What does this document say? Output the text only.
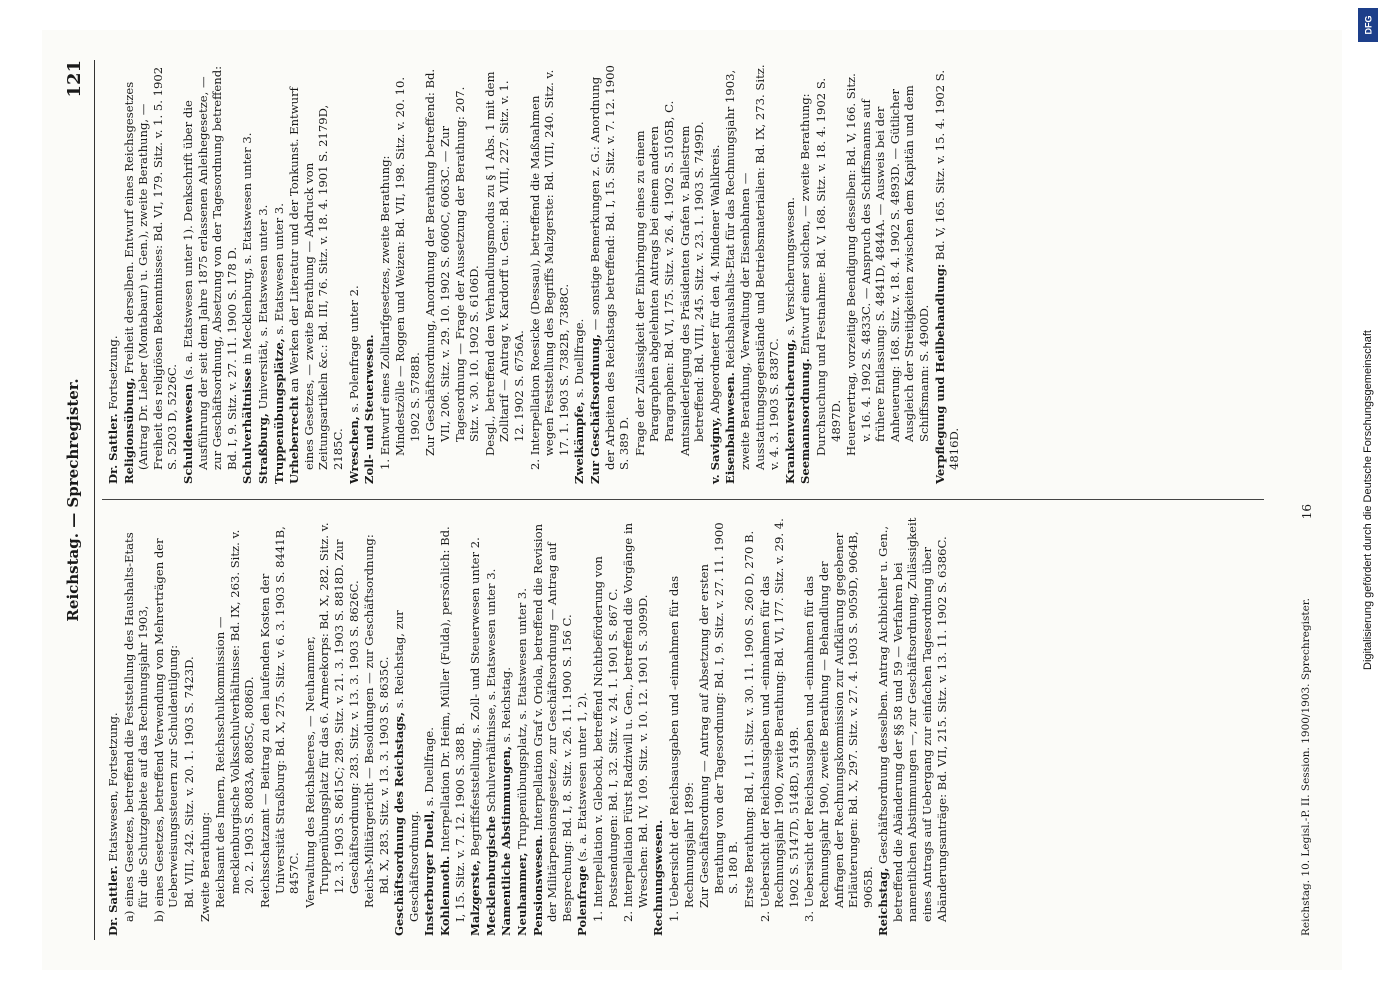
Reichstag. — Sprechregister.
121

Dr. Sattler. Etatswesen, Fortsetzung. a) eines Gesetzes, betreffend die Feststellung des Haushalts-Etats für die Schutzgebiete auf das Rechnungsjahr 1903, b) eines Gesetzes, betreffend Verwendung von Mehrerträgen der Ueberweisungssteuern zur Schuldentilgung: Bd. VIII, 242. Sitz. v. 20. 1. 1903 S. 7423D. Zweite Berathung: Reichsamt des Innern, Reichsschulkommission — mecklenburgische Volksschulverhältnisse: Bd. IX, 263. Sitz. v. 20. 2. 1903 S. 8083A, 8085C, 8086D. Reichsschatzamt — Beitrag zu den laufenden Kosten der Universität Straßburg: Bd. X, 275. Sitz. v. 6. 3. 1903 S. 8441B, 8457C. Verwaltung des Reichsheeres, — Neuhammer, Truppenübungsplatz für das 6. Armeekorps: Bd. X, 282. Sitz. v. 12. 3. 1903 S. 8615C; 289. Sitz. v. 21. 3. 1903 S. 8818D. Zur Geschäftsordnung: 283. Sitz. v. 13. 3. 1903 S. 8626C. Reichs-Militärgericht — Besoldungen — zur Geschäftsordnung: Bd. X, 283. Sitz. v. 13. 3. 1903 S. 8635C. Geschäftsordnung des Reichstags, s. Reichstag, zur Geschäftsordnung. Insterburger Duell, s. Duellfrage.

Kohlennoth. Interpellation Dr. Heim, Müller (Fulda), persönlich: Bd. I, 15. Sitz. v. 7. 12. 1900 S. 388 B. Malzgerste, Begriffsfeststellung, s. Zoll- und Steuerwesen unter 2.

Mecklenburgische Schulverhältnisse, s. Etatswesen unter 3.

Namentliche Abstimmungen, s. Reichstag.

Neuhammer, Truppenübungsplatz, s. Etatswesen unter 3.

Pensionswesen. Interpellation Graf v. Oriola, betreffend die Revision der Militärpensionsgesetze, zur Geschäftsordnung — Antrag auf Besprechung: Bd. I, 8. Sitz. v. 26. 11. 1900 S. 156 C. Polenfrage (s. a. Etatswesen unter 1, 2). 1. Interpellation v. Glebocki, betreffend Nichtbeförderung von Postsendungen: Bd. I, 32. Sitz. v. 24. 1. 1901 S. 867 C. 2. Interpellation Fürst Radziwill u. Gen., betreffend die Vorgänge in Wreschen: Bd. IV, 109. Sitz. v. 10. 12. 1901 S. 3099D. Rechnungswesen. 1. Uebersicht der Reichsausgaben und -einnahmen für das Rechnungsjahr 1899: Zur Geschäftsordnung — Antrag auf Absetzung der ersten Berathung von der Tagesordnung: Bd. I, 9. Sitz. v. 27. 11. 1900 S. 180 B. Erste Berathung: Bd. I, 11. Sitz. v. 30. 11. 1900 S. 260 D, 270 B. 2. Uebersicht der Reichsausgaben und -einnahmen für das Rechnungsjahr 1900, zweite Berathung: Bd. VI, 177. Sitz. v. 29. 4. 1902 S. 5147D, 5148D, 5149B. 3. Uebersicht der Reichsausgaben und -einnahmen für das Rechnungsjahr 1900, zweite Berathung — Behandlung der Anfragen der Rechnungskommission zur Aufklärung gegebener Erläuterungen: Bd. X, 297. Sitz. v. 27. 4. 1903 S. 9059D, 9064B, 9065B. Reichstag, Geschäftsordnung desselben. Antrag Aichbichler u. Gen., betreffend die Abänderung der §§ 58 und 59 — Verfahren bei namentlichen Abstimmungen —, zur Geschäftsordnung, Zulässigkeit eines Antrags auf Uebergang zur einfachen Tagesordnung über Abänderungsanträge: Bd. VII, 215. Sitz. v. 13. 11. 1902 S. 6386C.

Dr. Sattler. Fortsetzung.

Religionsübung, Freiheit derselben. Entwurf eines Reichsgesetzes (Antrag Dr. Lieber (Montabaur) u. Gen.), zweite Berathung, — Freiheit des religiösen Bekenntnisses: Bd. VI, 179. Sitz. v. 1. 5. 1902 S. 5203 D, 5226C. Schuldenwesen (s. a. Etatswesen unter 1). Denkschrift über die Ausführung der seit dem Jahre 1875 erlassenen Anleihegesetze, — zur Geschäftsordnung, Absetzung von der Tagesordnung betreffend: Bd. I, 9. Sitz. v. 27. 11. 1900 S. 178 D. Schulverhältnisse in Mecklenburg, s. Etatswesen unter 3.

Straßburg, Universität, s. Etatswesen unter 3.

Truppenübungsplätze, s. Etatswesen unter 3.

Urheberrecht an Werken der Literatur und der Tonkunst. Entwurf eines Gesetzes, — zweite Berathung — Abdruck von Zeitungsartikeln &c.: Bd. III, 76. Sitz. v. 18. 4. 1901 S. 2179D, 2185C. Wreschen, s. Polenfrage unter 2. Zoll- und Steuerwesen. 1. Entwurf eines Zolltarifgesetzes, zweite Berathung: Mindestzölle — Roggen und Weizen: Bd. VII, 198. Sitz. v. 20. 10. 1902 S. 5788B. Zur Geschäftsordnung, Anordnung der Berathung betreffend: Bd. VII, 206. Sitz. v. 29. 10. 1902 S. 6060C, 6063C. — Zur Tagesordnung — Frage der Aussetzung der Berathung: 207. Sitz. v. 30. 10. 1902 S. 6106D. Desgl., betreffend den Verhandlungsmodus zu § 1 Abs. 1 mit dem Zolltarif — Antrag v. Kardorff u. Gen.: Bd. VIII, 227. Sitz. v. 1. 12. 1902 S. 6756A. 2. Interpellation Roesicke (Dessau), betreffend die Maßnahmen wegen Feststellung des Begriffs Malzgerste: Bd. VIII, 240. Sitz. v. 17. 1. 1903 S. 7382B, 7388C. Zweikämpfe, s. Duellfrage. Zur Geschäftsordnung, — sonstige Bemerkungen z. G.: Anordnung der Arbeiten des Reichstags betreffend: Bd. I, 15. Sitz. v. 7. 12. 1900 S. 389 D. Frage der Zulässigkeit der Einbringung eines zu einem Paragraphen abgelehnten Antrags bei einem anderen Paragraphen: Bd. VI, 175. Sitz. v. 26. 4. 1902 S. 5105B, C. Amtsniederlegung des Präsidenten Grafen v. Ballestrem betreffend: Bd. VIII, 245. Sitz. v. 23. 1. 1903 S. 7499D.

v. Savigny, Abgeordneter für den 4. Mindener Wahlkreis.

Eisenbahnwesen. Reichshaushalts-Etat für das Rechnungsjahr 1903, zweite Berathung, Verwaltung der Eisenbahnen — Ausstattungsgegenstände und Betriebsmaterialien: Bd. IX, 273. Sitz. v. 4. 3. 1903 S. 8387C. Krankenversicherung, s. Versicherungswesen.

Seemannsordnung. Entwurf einer solchen, — zweite Berathung: Durchsuchung und Festnahme: Bd. V, 168. Sitz. v. 18. 4. 1902 S. 4897D. Heuervertrag, vorzeitige Beendigung desselben: Bd. V, 166. Sitz. v. 16. 4. 1902 S. 4833C. — Anspruch des Schiffsmanns auf frühere Entlassung: S. 4841D, 4844A. — Ausweis bei der Anheuerung: 168. Sitz. v. 18. 4. 1902 S. 4893D. — Gütlicher Ausgleich der Streitigkeiten zwischen dem Kapitän und dem Schiffsmann: S. 4900D. Verpflegung und Heilbehandlung: Bd. V, 165. Sitz. v. 15. 4. 1902 S. 4816D.

Reichstag. 10. Legisl.-P. II. Session. 1900/1903. Sprechregister.
16
DFG
Digitalisierung gefördert durch die Deutsche Forschungsgemeinschaft
